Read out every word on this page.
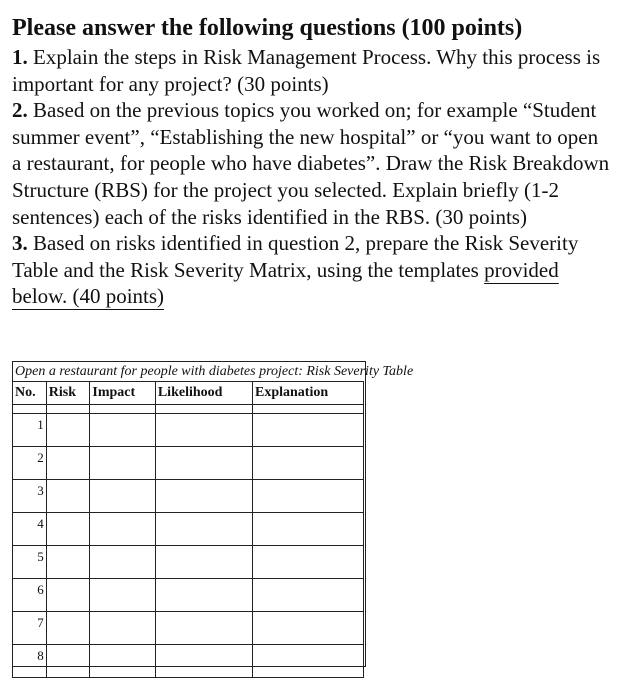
Please answer the following questions (100 points)

1. Explain the steps in Risk Management Process. Why this process is important for any project? (30 points)

2. Based on the previous topics you worked on; for example “Student summer event”, “Establishing the new hospital” or “you want to open a restaurant, for people who have diabetes”. Draw the Risk Breakdown Structure (RBS) for the project you selected. Explain briefly (1-2 sentences) each of the risks identified in the RBS. (30 points)

3. Based on risks identified in question 2, prepare the Risk Severity Table and the Risk Severity Matrix, using the templates provided below. (40 points)

Open a restaurant for people with diabetes project: Risk Severity Table
No.	Risk	Impact	Likelihood	Explanation

1				
2				
3				
4				
5				
6				
7				
8				
